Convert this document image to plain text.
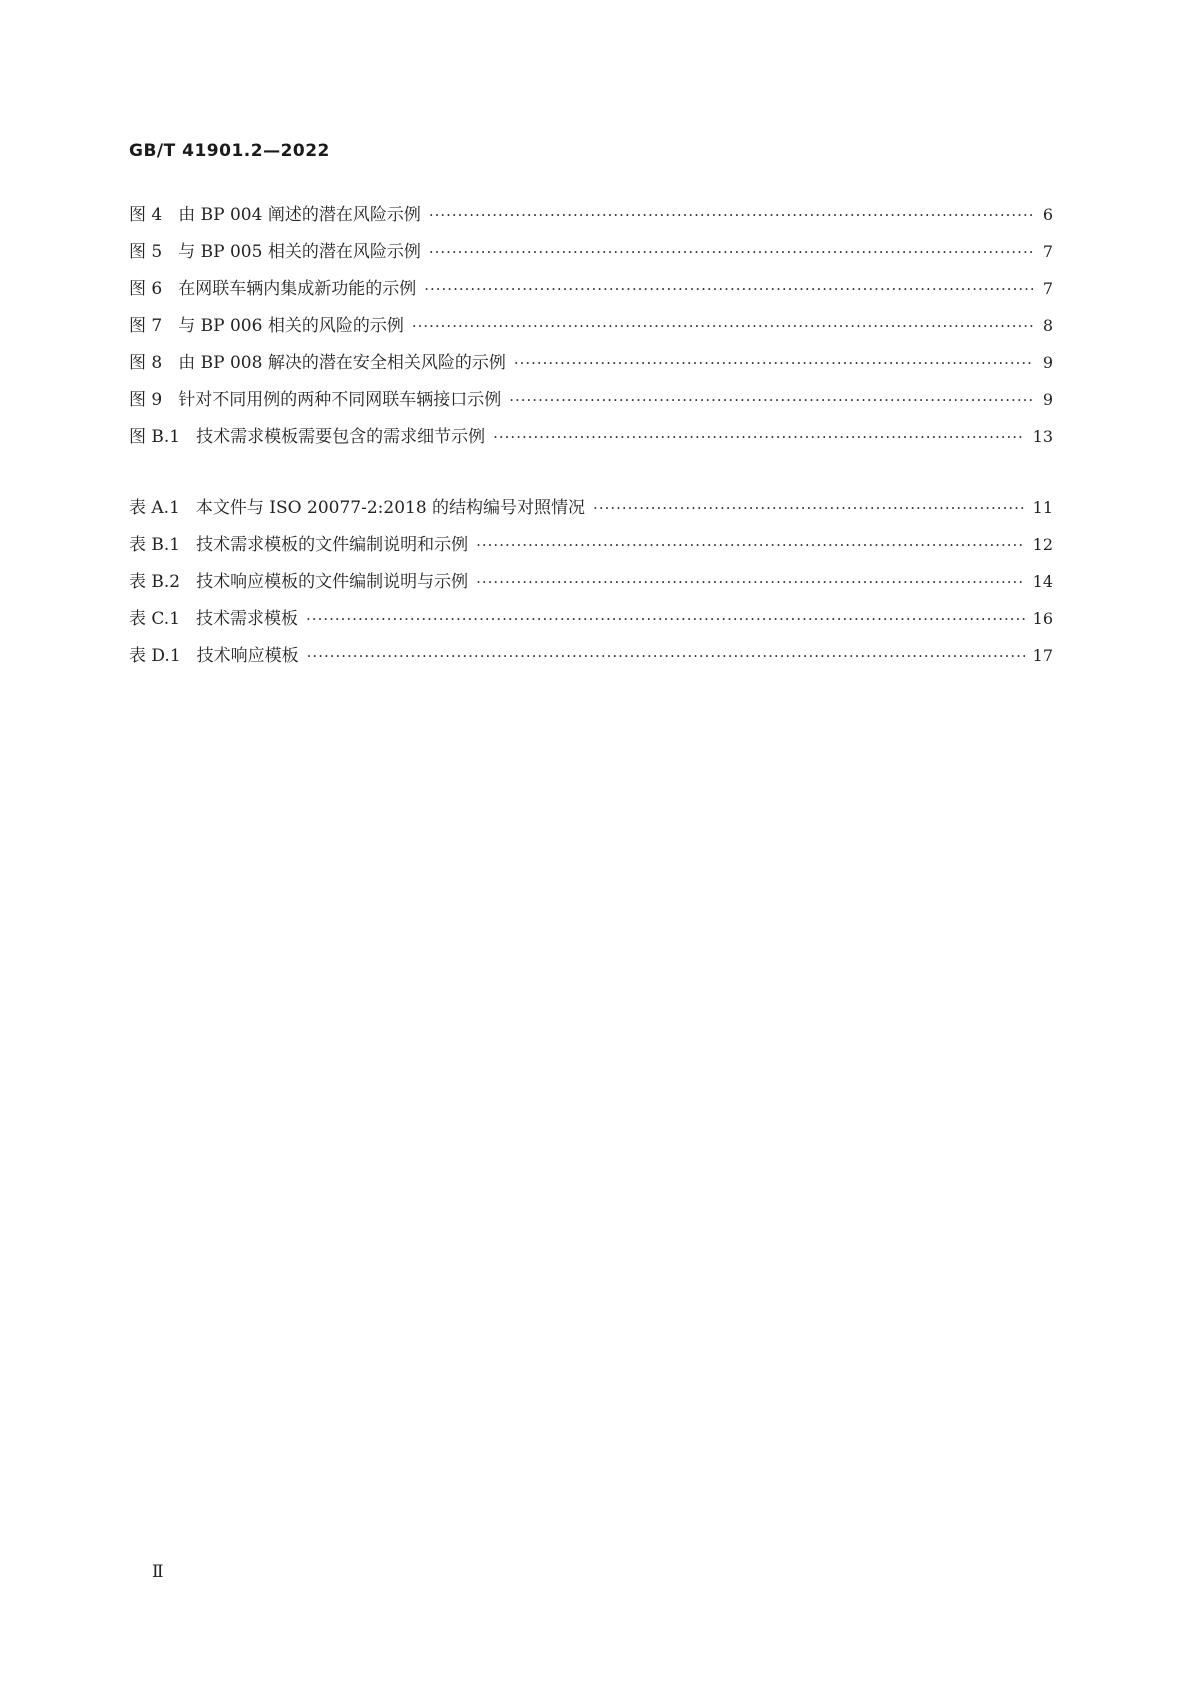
GB/T 41901.2—2022
图 4 由 BP 004 阐述的潜在风险示例 ·····	6
图 5 与 BP 005 相关的潜在风险示例 ·····	7
图 6 在网联车辆内集成新功能的示例 ·····	7
图 7 与 BP 006 相关的风险的示例 ·····	8
图 8 由 BP 008 解决的潜在安全相关风险的示例 ·····	9
图 9 针对不同用例的两种不同网联车辆接口示例 ·····	9
图 B.1 技术需求模板需要包含的需求细节示例 ·····	13
表 A.1 本文件与 ISO 20077-2:2018 的结构编号对照情况 ·····	11
表 B.1 技术需求模板的文件编制说明和示例 ·····	12
表 B.2 技术响应模板的文件编制说明与示例 ·····	14
表 C.1 技术需求模板 ·····	16
表 D.1 技术响应模板 ·····	17
Ⅱ
